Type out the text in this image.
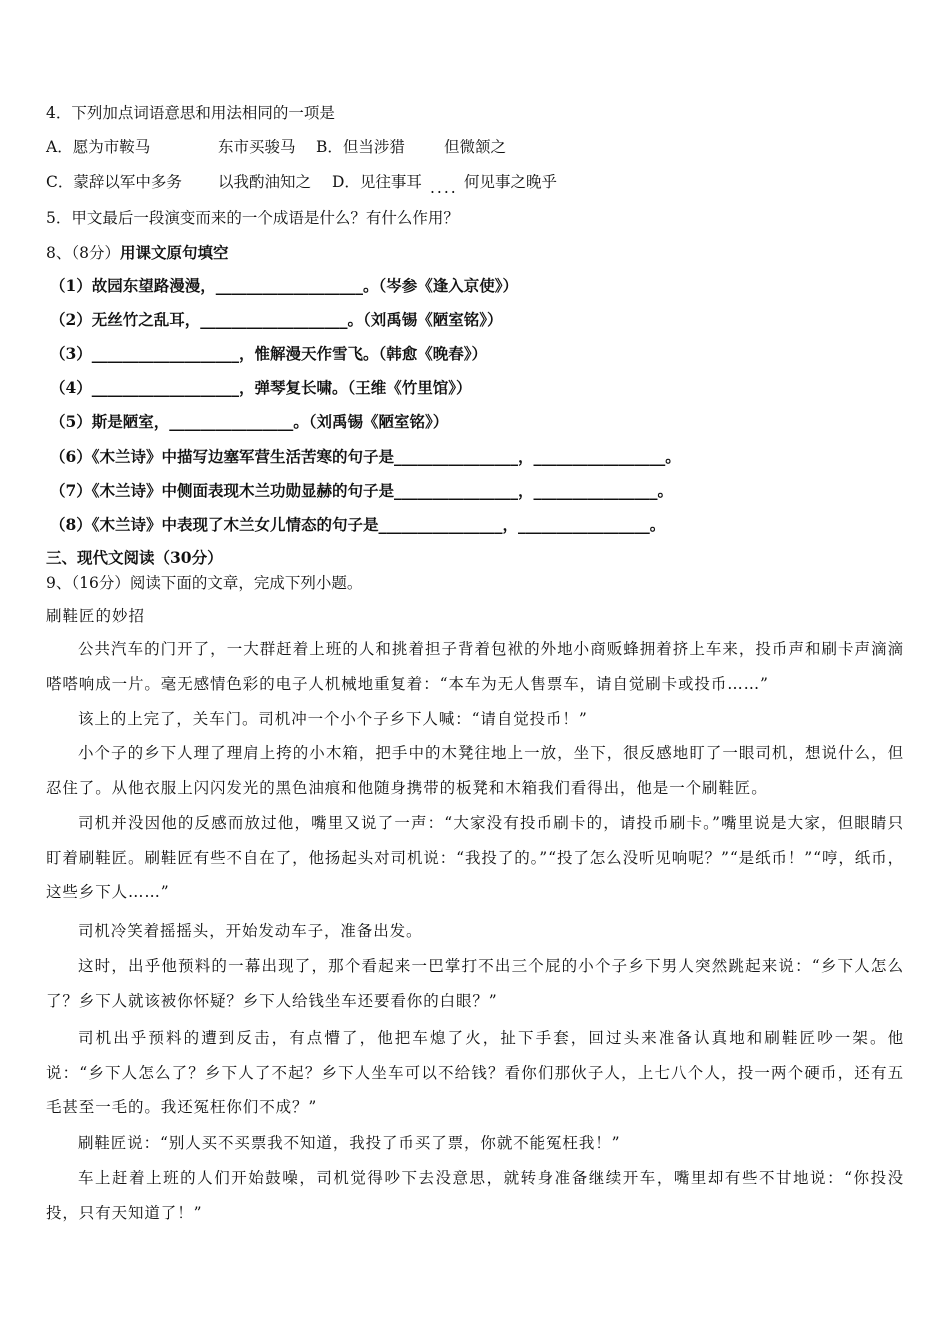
4．下列加点词语意思和用法相同的一项是
A．愿为市鞍马	东市买骏马 B．但当涉猎	但微颔之
C．蒙辞以军中多务 以我酌油知之 D．见往事耳 .... 何见事之晚乎
5．甲文最后一段演变而来的一个成语是什么？有什么作用？
8、（8分）用课文原句填空
（1）故园东望路漫漫，___________________。（岑参《逢入京使》）
（2）无丝竹之乱耳，___________________。（刘禹锡《陋室铭》）
（3）___________________，惟解漫天作雪飞。（韩愈《晚春》）
（4）___________________，弹琴复长啸。（王维《竹里馆》）
（5）斯是陋室，________________。（刘禹锡《陋室铭》）
（6）《木兰诗》中描写边塞军营生活苦寒的句子是________________，_________________。
（7）《木兰诗》中侧面表现木兰功勋显赫的句子是________________，________________。
（8）《木兰诗》中表现了木兰女儿情态的句子是________________，_________________。
三、现代文阅读（30分）
9、（16分）阅读下面的文章，完成下列小题。
刷鞋匠的妙招
公共汽车的门开了，一大群赶着上班的人和挑着担子背着包袱的外地小商贩蜂拥着挤上车来，投币声和刷卡声滴滴嗒嗒响成一片。毫无感情色彩的电子人机械地重复着：“本车为无人售票车，请自觉刷卡或投币……”
该上的上完了，关车门。司机冲一个小个子乡下人喊：“请自觉投币！”
小个子的乡下人理了理肩上挎的小木箱，把手中的木凳往地上一放，坐下，很反感地盯了一眼司机，想说什么，但忍住了。从他衣服上闪闪发光的黑色油痕和他随身携带的板凳和木箱我们看得出，他是一个刷鞋匠。
司机并没因他的反感而放过他，嘴里又说了一声：“大家没有投币刷卡的，请投币刷卡。”嘴里说是大家，但眼睛只盯着刷鞋匠。刷鞋匠有些不自在了，他扬起头对司机说：“我投了的。”“投了怎么没听见响呢？”“是纸币！”“哼，纸币，这些乡下人……”
司机冷笑着摇摇头，开始发动车子，准备出发。
这时，出乎他预料的一幕出现了，那个看起来一巴掌打不出三个屁的小个子乡下男人突然跳起来说：“乡下人怎么了？乡下人就该被你怀疑？乡下人给钱坐车还要看你的白眼？”
司机出乎预料的遭到反击，有点懵了，他把车熄了火，扯下手套，回过头来准备认真地和刷鞋匠吵一架。他说：“乡下人怎么了？乡下人了不起？乡下人坐车可以不给钱？看你们那伙子人，上七八个人，投一两个硬币，还有五毛甚至一毛的。我还冤枉你们不成？”
刷鞋匠说：“别人买不买票我不知道，我投了币买了票，你就不能冤枉我！”
车上赶着上班的人们开始鼓噪，司机觉得吵下去没意思，就转身准备继续开车，嘴里却有些不甘地说：“你投没投，只有天知道了！”
